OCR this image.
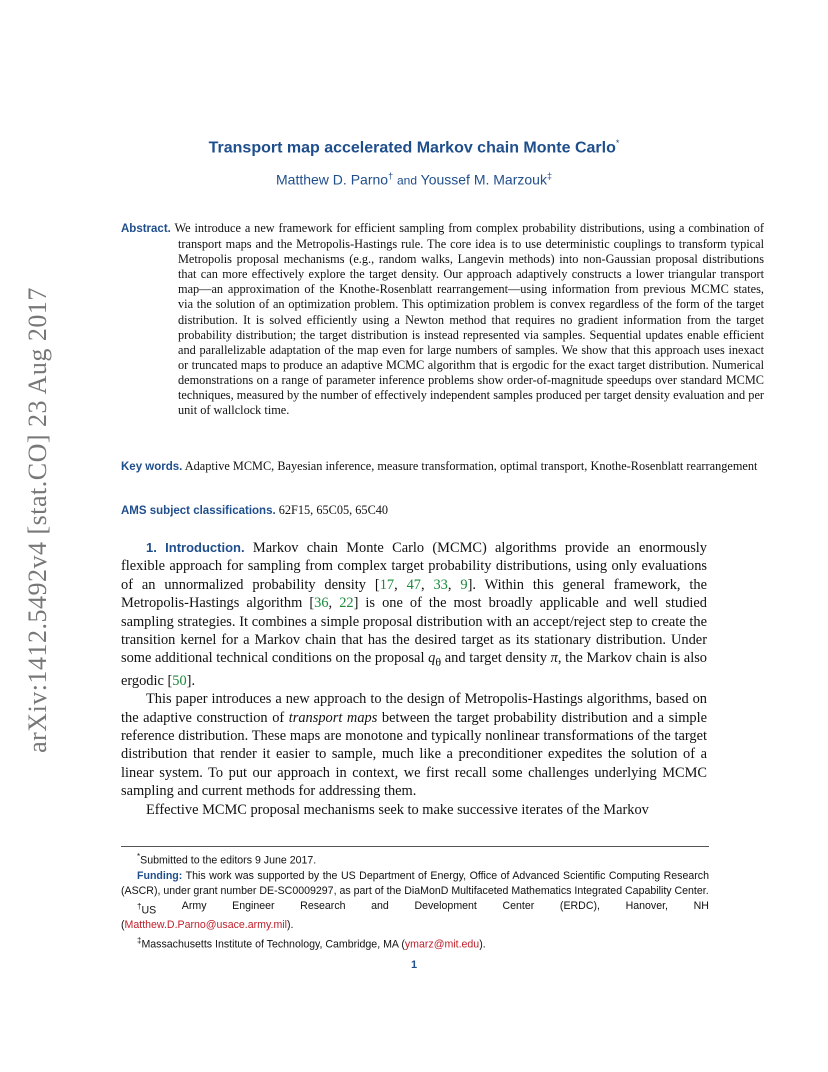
arXiv:1412.5492v4 [stat.CO] 23 Aug 2017
Transport map accelerated Markov chain Monte Carlo*
Matthew D. Parno† and Youssef M. Marzouk‡
Abstract. We introduce a new framework for efficient sampling from complex probability distributions, using a combination of transport maps and the Metropolis-Hastings rule. The core idea is to use deterministic couplings to transform typical Metropolis proposal mechanisms (e.g., random walks, Langevin methods) into non-Gaussian proposal distributions that can more effectively explore the target density. Our approach adaptively constructs a lower triangular transport map—an approximation of the Knothe-Rosenblatt rearrangement—using information from previous MCMC states, via the solution of an optimization problem. This optimization problem is convex regardless of the form of the target distribution. It is solved efficiently using a Newton method that requires no gradient information from the target probability distribution; the target distribution is instead represented via samples. Sequential updates enable efficient and parallelizable adaptation of the map even for large numbers of samples. We show that this approach uses inexact or truncated maps to produce an adaptive MCMC algorithm that is ergodic for the exact target distribution. Numerical demonstrations on a range of parameter inference problems show order-of-magnitude speedups over standard MCMC techniques, measured by the number of effectively independent samples produced per target density evaluation and per unit of wallclock time.
Key words. Adaptive MCMC, Bayesian inference, measure transformation, optimal transport, Knothe-Rosenblatt rearrangement
AMS subject classifications. 62F15, 65C05, 65C40

1. Introduction. Markov chain Monte Carlo (MCMC) algorithms provide an enormously flexible approach for sampling from complex target probability distributions, using only evaluations of an unnormalized probability density [17, 47, 33, 9]. Within this general framework, the Metropolis-Hastings algorithm [36, 22] is one of the most broadly applicable and well studied sampling strategies. It combines a simple proposal distribution with an accept/reject step to create the transition kernel for a Markov chain that has the desired target as its stationary distribution. Under some additional technical conditions on the proposal $q_\theta$ and target density π, the Markov chain is also ergodic [50].

This paper introduces a new approach to the design of Metropolis-Hastings algorithms, based on the adaptive construction of transport maps between the target probability distribution and a simple reference distribution. These maps are monotone and typically nonlinear transformations of the target distribution that render it easier to sample, much like a preconditioner expedites the solution of a linear system. To put our approach in context, we first recall some challenges underlying MCMC sampling and current methods for addressing them.

Effective MCMC proposal mechanisms seek to make successive iterates of the Markov

*Submitted to the editors 9 June 2017.

Funding: This work was supported by the US Department of Energy, Office of Advanced Scientific Computing Research (ASCR), under grant number DE-SC0009297, as part of the DiaMonD Multifaceted Mathematics Integrated Capability Center.

†US Army Engineer Research and Development Center (ERDC), Hanover, NH

(Matthew.D.Parno@usace.army.mil).

‡Massachusetts Institute of Technology, Cambridge, MA (ymarz@mit.edu).

1
